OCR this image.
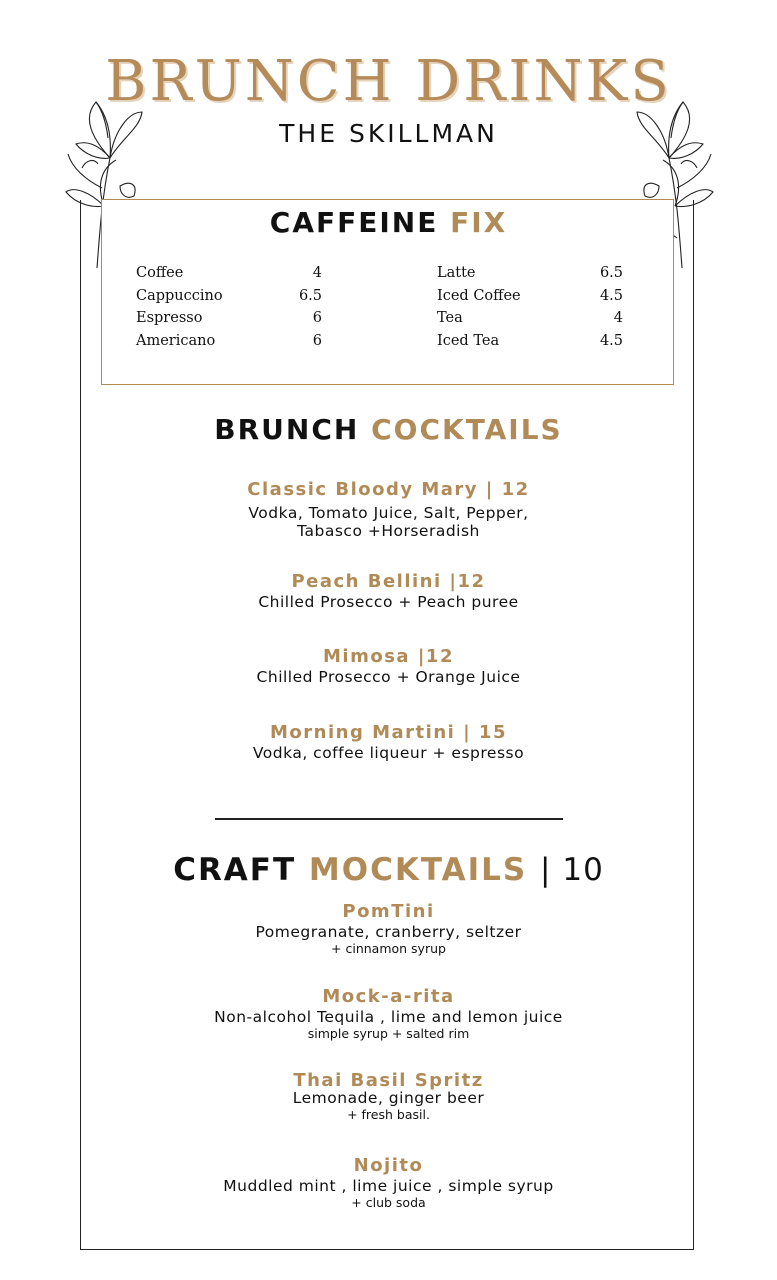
BRUNCH DRINKS
THE SKILLMAN
CAFFEINE FIX
Coffee	4
Cappuccino	6.5
Espresso	6
Americano	6
Latte	6.5
Iced Coffee	4.5
Tea	4
Iced Tea	4.5
BRUNCH COCKTAILS
Classic Bloody Mary | 12
Vodka, Tomato Juice, Salt, Pepper,
Tabasco +Horseradish
Peach Bellini |12
Chilled Prosecco + Peach puree
Mimosa |12
Chilled Prosecco + Orange Juice
Morning Martini | 15
Vodka, coffee liqueur + espresso
CRAFT MOCKTAILS | 10
PomTini
Pomegranate, cranberry, seltzer
+ cinnamon syrup
Mock-a-rita
Non-alcohol Tequila , lime and lemon juice
simple syrup + salted rim
Thai Basil Spritz
Lemonade, ginger beer
+ fresh basil.
Nojito
Muddled mint , lime juice , simple syrup
+ club soda
